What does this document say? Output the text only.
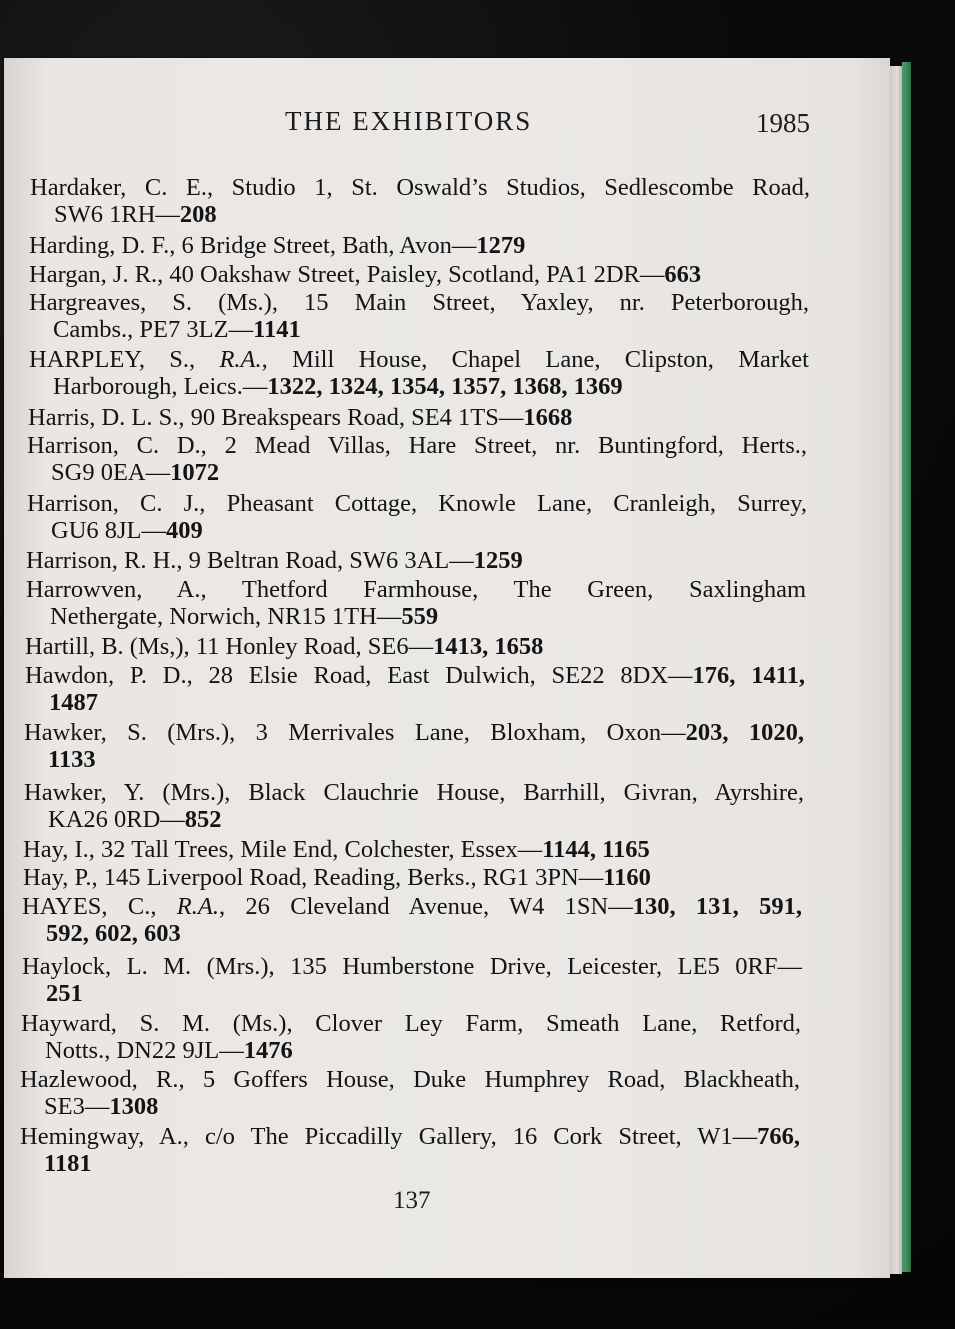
THE EXHIBITORS	1985
Hardaker, C. E., Studio 1, St. Oswald’s Studios, Sedlescombe Road,
SW6 1RH—208
Harding, D. F., 6 Bridge Street, Bath, Avon—1279
Hargan, J. R., 40 Oakshaw Street, Paisley, Scotland, PA1 2DR—663
Hargreaves, S. (Ms.), 15 Main Street, Yaxley, nr. Peterborough,
Cambs., PE7 3LZ—1141
HARPLEY, S., R.A., Mill House, Chapel Lane, Clipston, Market
Harborough, Leics.—1322, 1324, 1354, 1357, 1368, 1369
Harris, D. L. S., 90 Breakspears Road, SE4 1TS—1668
Harrison, C. D., 2 Mead Villas, Hare Street, nr. Buntingford, Herts.,
SG9 0EA—1072
Harrison, C. J., Pheasant Cottage, Knowle Lane, Cranleigh, Surrey,
GU6 8JL—409
Harrison, R. H., 9 Beltran Road, SW6 3AL—1259
Harrowven, A., Thetford Farmhouse, The Green, Saxlingham
Nethergate, Norwich, NR15 1TH—559
Hartill, B. (Ms,), 11 Honley Road, SE6—1413, 1658
Hawdon, P. D., 28 Elsie Road, East Dulwich, SE22 8DX—176, 1411,
1487
Hawker, S. (Mrs.), 3 Merrivales Lane, Bloxham, Oxon—203, 1020,
1133
Hawker, Y. (Mrs.), Black Clauchrie House, Barrhill, Givran, Ayrshire,
KA26 0RD—852
Hay, I., 32 Tall Trees, Mile End, Colchester, Essex—1144, 1165
Hay, P., 145 Liverpool Road, Reading, Berks., RG1 3PN—1160
HAYES, C., R.A., 26 Cleveland Avenue, W4 1SN—130, 131, 591,
592, 602, 603
Haylock, L. M. (Mrs.), 135 Humberstone Drive, Leicester, LE5 0RF—
251
Hayward, S. M. (Ms.), Clover Ley Farm, Smeath Lane, Retford,
Notts., DN22 9JL—1476
Hazlewood, R., 5 Goffers House, Duke Humphrey Road, Blackheath,
SE3—1308
Hemingway, A., c/o The Piccadilly Gallery, 16 Cork Street, W1—766,
1181
137
